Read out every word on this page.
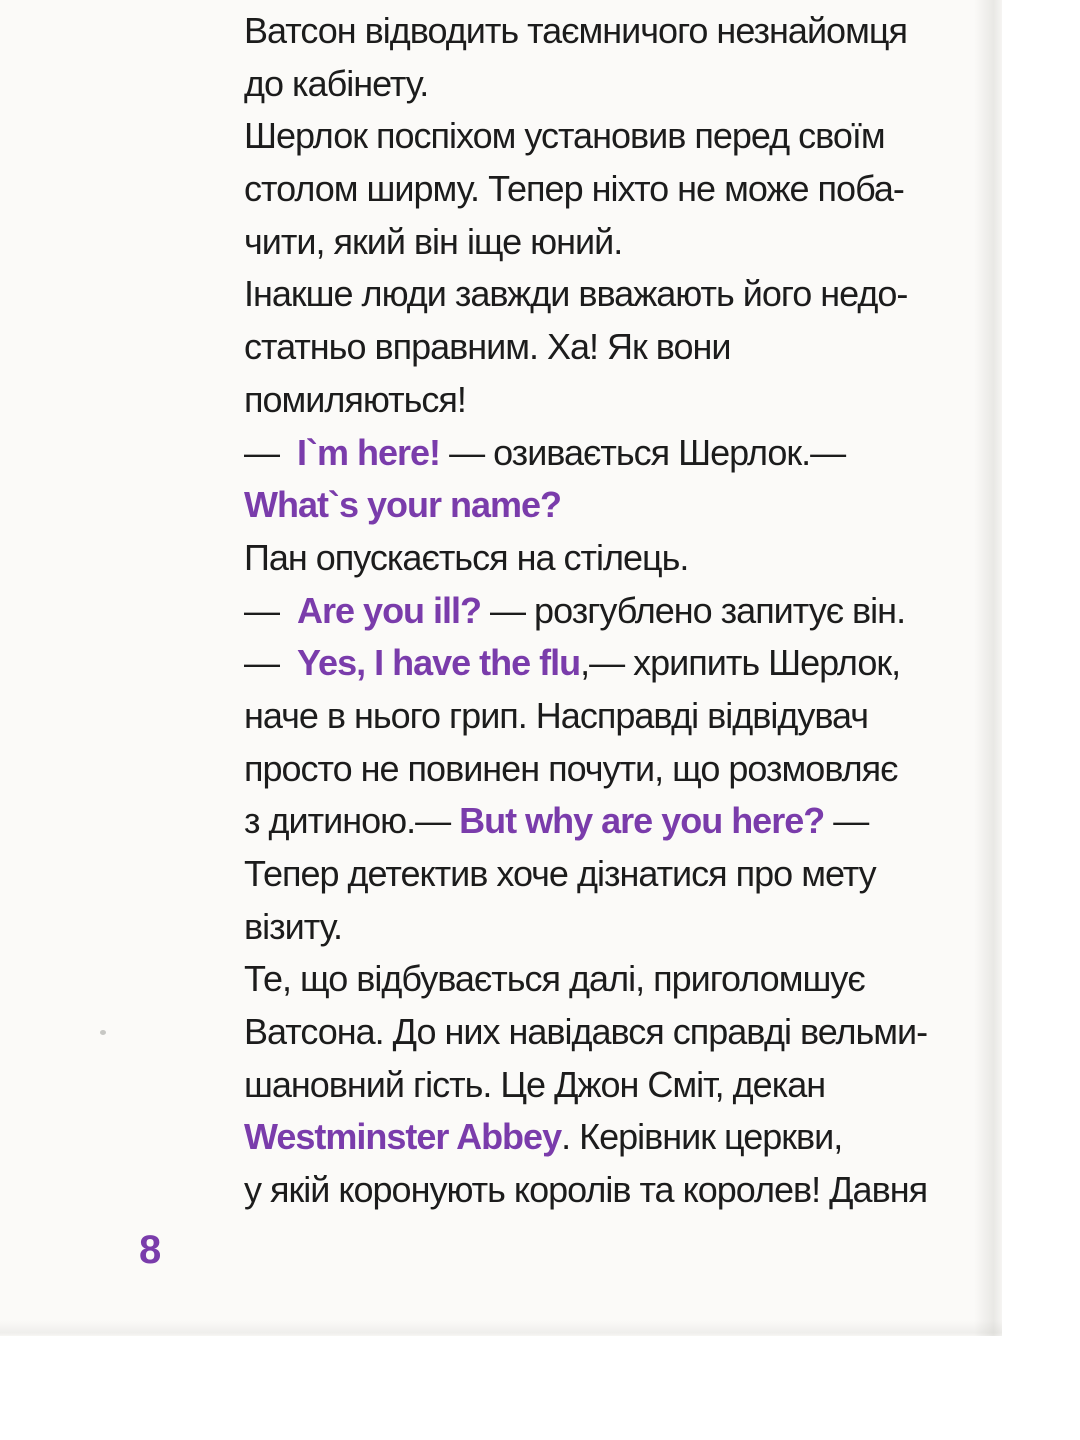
Ватсон відводить таємничого незнайомця
до кабінету.
Шерлок поспіхом установив перед своїм
столом ширму. Тепер ніхто не може поба-
чити, який він іще юний.
Інакше люди завжди вважають його недо-
статньо вправним. Ха! Як вони
помиляються!
—  I`m here! — озивається Шерлок.—
What`s your name?
Пан опускається на стілець.
—  Are you ill? — розгублено запитує він.
—  Yes, I have the flu,— хрипить Шерлок,
наче в нього грип. Насправді відвідувач
просто не повинен почути, що розмовляє
з дитиною.— But why are you here? —
Тепер детектив хоче дізнатися про мету
візиту.
Те, що відбувається далі, приголомшує
Ватсона. До них навідався справді вельми-
шановний гість. Це Джон Сміт, декан
Westminster Abbey. Керівник церкви,
у якій коронують королів та королев! Давня
8
